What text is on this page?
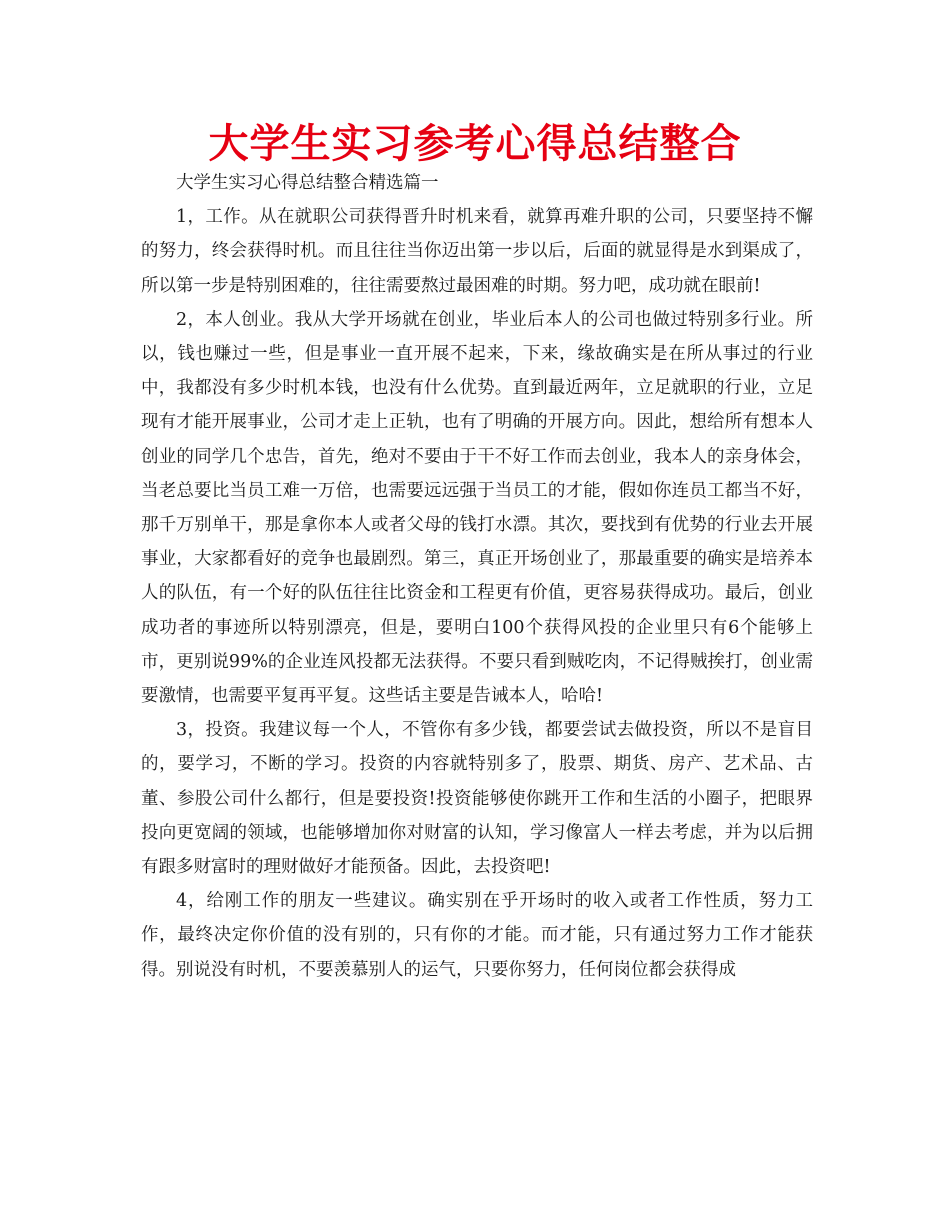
大学生实习参考心得总结整合

大学生实习心得总结整合精选篇一

1，工作。从在就职公司获得晋升时机来看，就算再难升职的公司，只要坚持不懈的努力，终会获得时机。而且往往当你迈出第一步以后，后面的就显得是水到渠成了，所以第一步是特别困难的，往往需要熬过最困难的时期。努力吧，成功就在眼前!

2，本人创业。我从大学开场就在创业，毕业后本人的公司也做过特别多行业。所以，钱也赚过一些，但是事业一直开展不起来，下来，缘故确实是在所从事过的行业中，我都没有多少时机本钱，也没有什么优势。直到最近两年，立足就职的行业，立足现有才能开展事业，公司才走上正轨，也有了明确的开展方向。因此，想给所有想本人创业的同学几个忠告，首先，绝对不要由于干不好工作而去创业，我本人的亲身体会，当老总要比当员工难一万倍，也需要远远强于当员工的才能，假如你连员工都当不好，那千万别单干，那是拿你本人或者父母的钱打水漂。其次，要找到有优势的行业去开展事业，大家都看好的竞争也最剧烈。第三，真正开场创业了，那最重要的确实是培养本人的队伍，有一个好的队伍往往比资金和工程更有价值，更容易获得成功。最后，创业成功者的事迹所以特别漂亮，但是，要明白100个获得风投的企业里只有6个能够上市，更别说99%的企业连风投都无法获得。不要只看到贼吃肉，不记得贼挨打，创业需要激情，也需要平复再平复。这些话主要是告诫本人，哈哈!

3，投资。我建议每一个人，不管你有多少钱，都要尝试去做投资，所以不是盲目的，要学习，不断的学习。投资的内容就特别多了，股票、期货、房产、艺术品、古董、参股公司什么都行，但是要投资!投资能够使你跳开工作和生活的小圈子，把眼界投向更宽阔的领域，也能够增加你对财富的认知，学习像富人一样去考虑，并为以后拥有跟多财富时的理财做好才能预备。因此，去投资吧!

4，给刚工作的朋友一些建议。确实别在乎开场时的收入或者工作性质，努力工作，最终决定你价值的没有别的，只有你的才能。而才能，只有通过努力工作才能获得。别说没有时机，不要羡慕别人的运气，只要你努力，任何岗位都会获得成
